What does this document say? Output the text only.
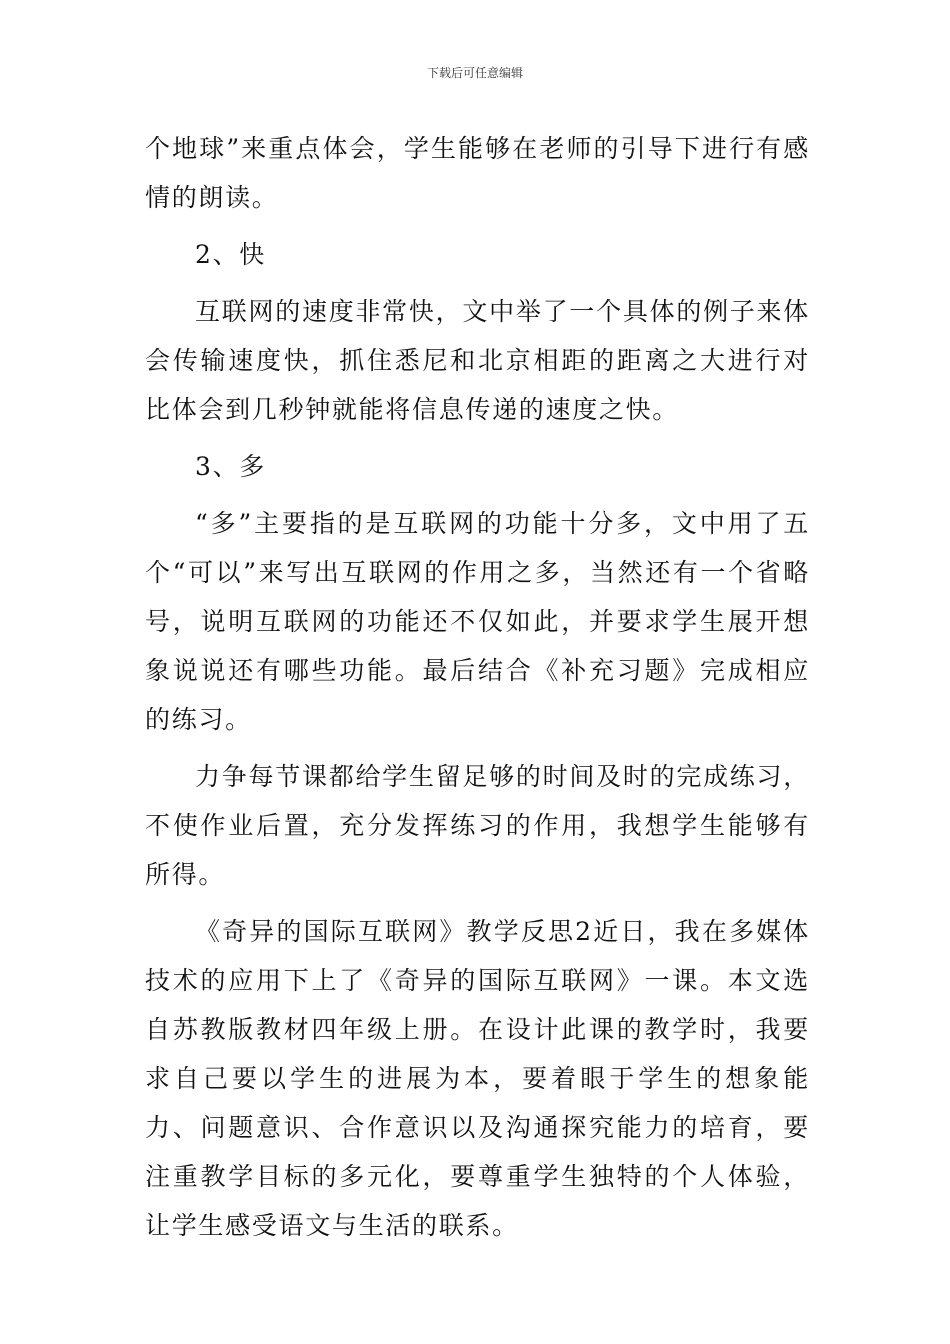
下载后可任意编辑

个地球”来重点体会，学生能够在老师的引导下进行有感情的朗读。

2、快

互联网的速度非常快，文中举了一个具体的例子来体会传输速度快，抓住悉尼和北京相距的距离之大进行对比体会到几秒钟就能将信息传递的速度之快。

3、多

“多”主要指的是互联网的功能十分多，文中用了五个“可以”来写出互联网的作用之多，当然还有一个省略号，说明互联网的功能还不仅如此，并要求学生展开想象说说还有哪些功能。最后结合《补充习题》完成相应的练习。

力争每节课都给学生留足够的时间及时的完成练习，不使作业后置，充分发挥练习的作用，我想学生能够有所得。

《奇异的国际互联网》教学反思2近日，我在多媒体技术的应用下上了《奇异的国际互联网》一课。本文选自苏教版教材四年级上册。在设计此课的教学时，我要求自己要以学生的进展为本，要着眼于学生的想象能力、问题意识、合作意识以及沟通探究能力的培育，要注重教学目标的多元化，要尊重学生独特的个人体验，让学生感受语文与生活的联系。
